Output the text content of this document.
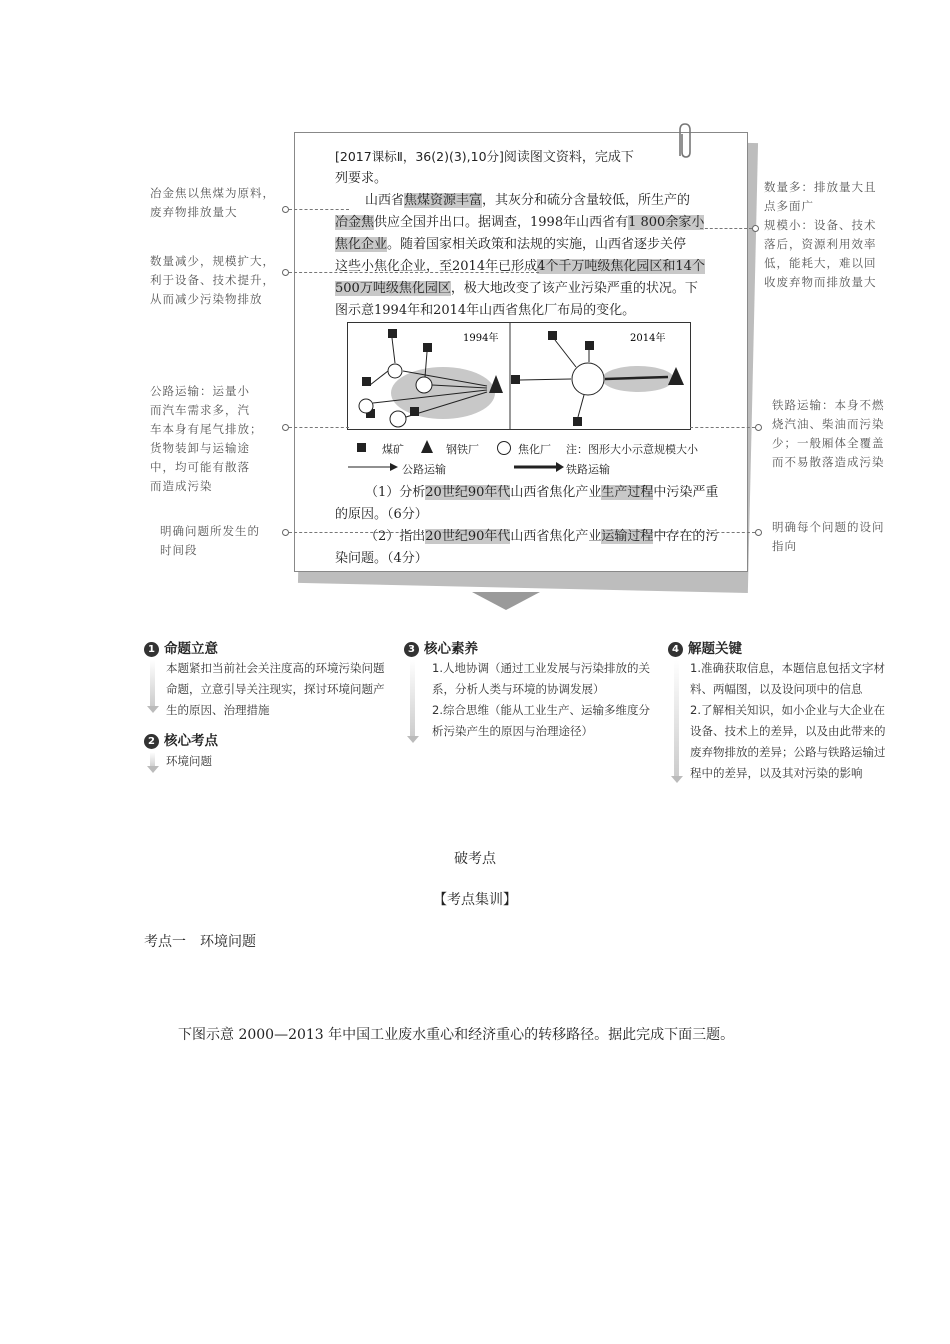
[2017课标Ⅱ，36(2)(3),10分]阅读图文资料，完成下
列要求。
山西省焦煤资源丰富，其灰分和硫分含量较低，所生产的
冶金焦供应全国并出口。据调查，1998年山西省有1 800余家小
焦化企业。随着国家相关政策和法规的实施，山西省逐步关停
这些小焦化企业，至2014年已形成4个千万吨级焦化园区和14个
500万吨级焦化园区，极大地改变了该产业污染严重的状况。下
图示意1994年和2014年山西省焦化厂布局的变化。
1994年	2014年
煤矿	钢铁厂	焦化厂 注：图形大小示意规模大小
公路运输	铁路运输
（1）分析20世纪90年代山西省焦化产业生产过程中污染严重
的原因。（6分）
（2）指出20世纪90年代山西省焦化产业运输过程中存在的污
染问题。（4分）
冶金焦以焦煤为原料，
废弃物排放量大
数量减少，规模扩大，
利于设备、技术提升，
从而减少污染物排放
公路运输：运量小
而汽车需求多，汽
车本身有尾气排放；
货物装卸与运输途
中，均可能有散落
而造成污染
明确问题所发生的
时间段
数量多：排放量大且
点多面广
规模小：设备、技术
落后，资源利用效率
低，能耗大，难以回
收废弃物而排放量大
铁路运输：本身不燃
烧汽油、柴油而污染
少；一般厢体全覆盖
而不易散落造成污染
明确每个问题的设问
指向
1 命题立意
本题紧扣当前社会关注度高的环境污染问题
命题，立意引导关注现实，探讨环境问题产
生的原因、治理措施
2 核心考点
环境问题
3 核心素养
1.人地协调（通过工业发展与污染排放的关
系，分析人类与环境的协调发展）
2.综合思维（能从工业生产、运输多维度分
析污染产生的原因与治理途径）
4 解题关键
1.准确获取信息，本题信息包括文字材
料、两幅图，以及设问项中的信息
2.了解相关知识，如小企业与大企业在
设备、技术上的差异，以及由此带来的
废弃物排放的差异；公路与铁路运输过
程中的差异，以及其对污染的影响
破考点
【考点集训】
考点一　环境问题
下图示意 2000—2013 年中国工业废水重心和经济重心的转移路径。据此完成下面三题。
